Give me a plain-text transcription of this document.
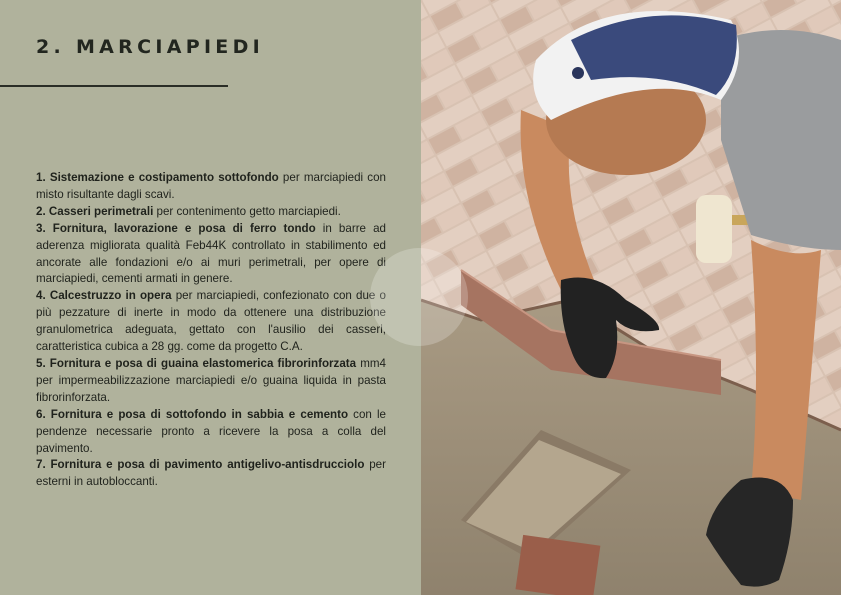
2. MARCIAPIEDI

1. Sistemazione e costipamento sottofondo per marciapiedi con misto risultante dagli scavi.

2. Casseri perimetrali per contenimento getto marciapiedi.

3. Fornitura, lavorazione e posa di ferro tondo in barre ad aderenza migliorata qualità Feb44K controllato in stabilimento ed ancorate alle fondazioni e/o ai muri perimetrali, per opere di marciapiedi, cementi armati in genere.

4. Calcestruzzo in opera per marciapiedi, confezionato con due o più pezzature di inerte in modo da ottenere una distribuzione granulometrica adeguata, gettato con l'ausilio dei casseri, caratteristica cubica a 28 gg. come da progetto C.A.

5. Fornitura e posa di guaina elastomerica fibrorinforzata mm4 per impermeabilizzazione marciapiedi e/o guaina liquida in pasta fibrorinforzata.

6. Fornitura e posa di sottofondo in sabbia e cemento con le pendenze necessarie pronto a ricevere la posa a colla del pavimento.

7. Fornitura e posa di pavimento antigelivo-antisdrucciolo per esterni in autobloccanti.
